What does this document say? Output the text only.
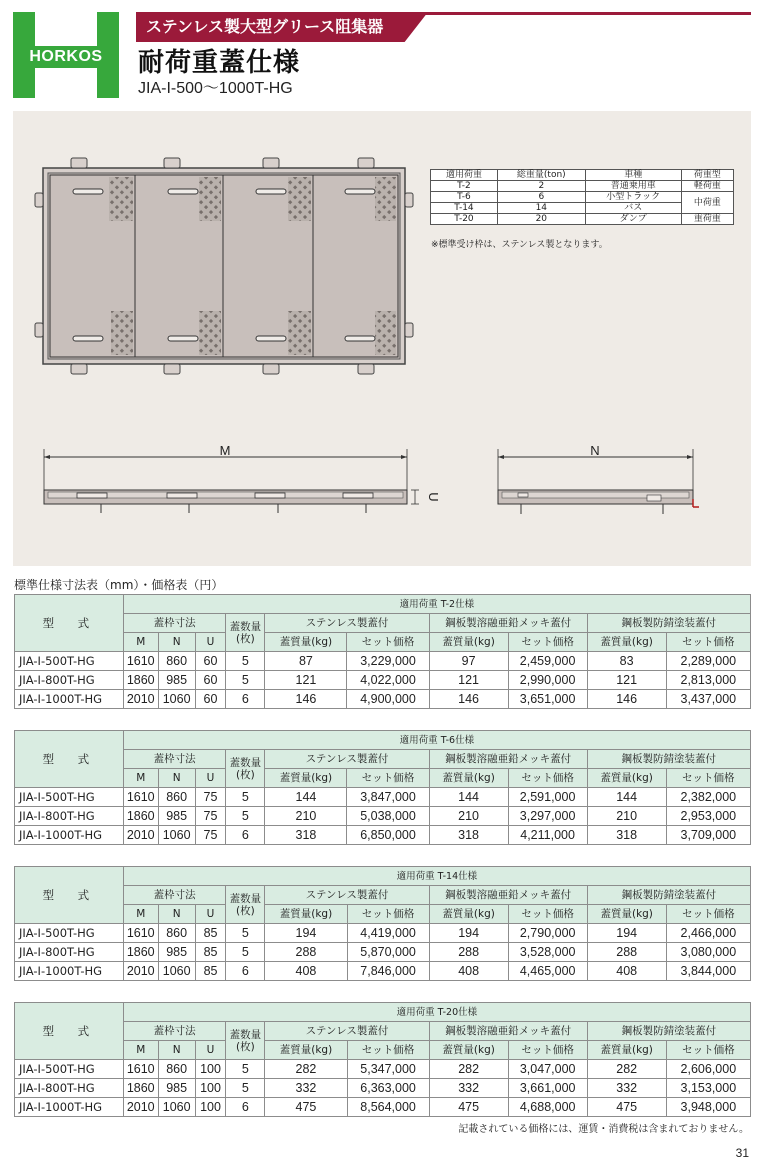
HORKOS
ステンレス製大型グリース阻集器
耐荷重蓋仕様
JIA-I-500～1000T-HG
M
U
N
適用荷重	総重量(ton)	車種	荷重型
T-2	2	普通乗用車	軽荷重
T-6	6	小型トラック	中荷重
T-14	14	バス	
T-20	20	ダンプ	重荷重
※標準受け枠は、ステンレス製となります。
標準仕様寸法表（mm）・価格表（円）
型　式	適用荷重 T-2仕様									
	蓋枠寸法			蓋数量
(枚)	ステンレス製蓋付		鋼板製溶融亜鉛メッキ蓋付		鋼板製防錆塗装蓋付	
	M	N	U		蓋質量(kg)	セット価格	蓋質量(kg)	セット価格	蓋質量(kg)	セット価格
JIA-I-500T-HG	1610	860	60	5	87	3,229,000	97	2,459,000	83	2,289,000
JIA-I-800T-HG	1860	985	60	5	121	4,022,000	121	2,990,000	121	2,813,000
JIA-I-1000T-HG	2010	1060	60	6	146	4,900,000	146	3,651,000	146	3,437,000
型　式	適用荷重 T-6仕様									
	蓋枠寸法			蓋数量
(枚)	ステンレス製蓋付		鋼板製溶融亜鉛メッキ蓋付		鋼板製防錆塗装蓋付	
	M	N	U		蓋質量(kg)	セット価格	蓋質量(kg)	セット価格	蓋質量(kg)	セット価格
JIA-I-500T-HG	1610	860	75	5	144	3,847,000	144	2,591,000	144	2,382,000
JIA-I-800T-HG	1860	985	75	5	210	5,038,000	210	3,297,000	210	2,953,000
JIA-I-1000T-HG	2010	1060	75	6	318	6,850,000	318	4,211,000	318	3,709,000
型　式	適用荷重 T-14仕様									
	蓋枠寸法			蓋数量
(枚)	ステンレス製蓋付		鋼板製溶融亜鉛メッキ蓋付		鋼板製防錆塗装蓋付	
	M	N	U		蓋質量(kg)	セット価格	蓋質量(kg)	セット価格	蓋質量(kg)	セット価格
JIA-I-500T-HG	1610	860	85	5	194	4,419,000	194	2,790,000	194	2,466,000
JIA-I-800T-HG	1860	985	85	5	288	5,870,000	288	3,528,000	288	3,080,000
JIA-I-1000T-HG	2010	1060	85	6	408	7,846,000	408	4,465,000	408	3,844,000
型　式	適用荷重 T-20仕様									
	蓋枠寸法			蓋数量
(枚)	ステンレス製蓋付		鋼板製溶融亜鉛メッキ蓋付		鋼板製防錆塗装蓋付	
	M	N	U		蓋質量(kg)	セット価格	蓋質量(kg)	セット価格	蓋質量(kg)	セット価格
JIA-I-500T-HG	1610	860	100	5	282	5,347,000	282	3,047,000	282	2,606,000
JIA-I-800T-HG	1860	985	100	5	332	6,363,000	332	3,661,000	332	3,153,000
JIA-I-1000T-HG	2010	1060	100	6	475	8,564,000	475	4,688,000	475	3,948,000
記載されている価格には、運賃・消費税は含まれておりません。
31
